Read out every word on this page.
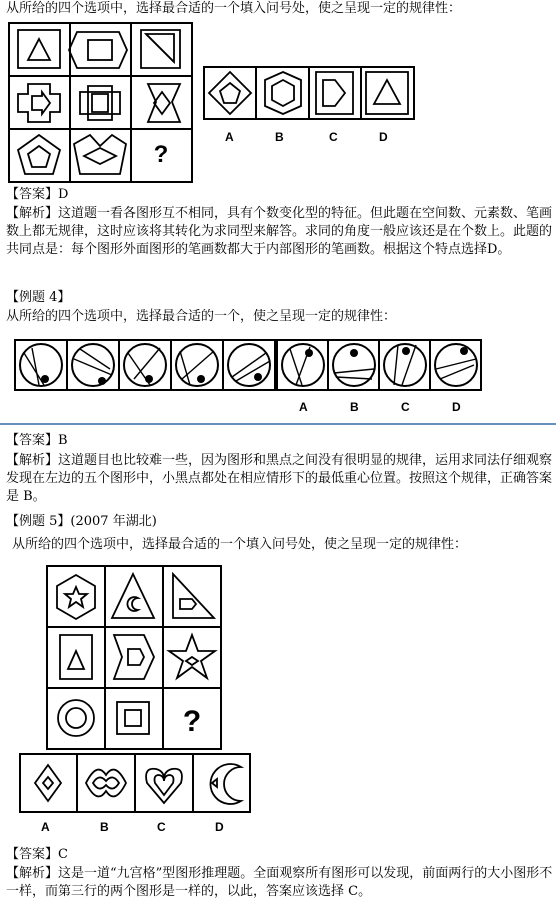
从所给的四个选项中，选择最合适的一个填入问号处，使之呈现一定的规律性：
?
A	B	C	D
【答案】D
【解析】这道题一看各图形互不相同，具有个数变化型的特征。但此题在空间数、元素数、笔画数上都无规律，这时应该将其转化为求同型来解答。求同的角度一般应该还是在个数上。此题的共同点是：每个图形外面图形的笔画数都大于内部图形的笔画数。根据这个特点选择D。
【例题 4】
从所给的四个选项中，选择最合适的一个，使之呈现一定的规律性：
A	B	C	D
【答案】B
【解析】这道题目也比较难一些，因为图形和黑点之间没有很明显的规律，运用求同法仔细观察发现在左边的五个图形中，小黑点都处在相应情形下的最低重心位置。按照这个规律，正确答案是 B。
【例题 5】(2007 年湖北)
从所给的四个选项中，选择最合适的一个填入问号处，使之呈现一定的规律性：
?
A	B	C	D
【答案】C
【解析】这是一道“九宫格”型图形推理题。全面观察所有图形可以发现，前面两行的大小图形不一样，而第三行的两个图形是一样的，以此，答案应该选择 C。
